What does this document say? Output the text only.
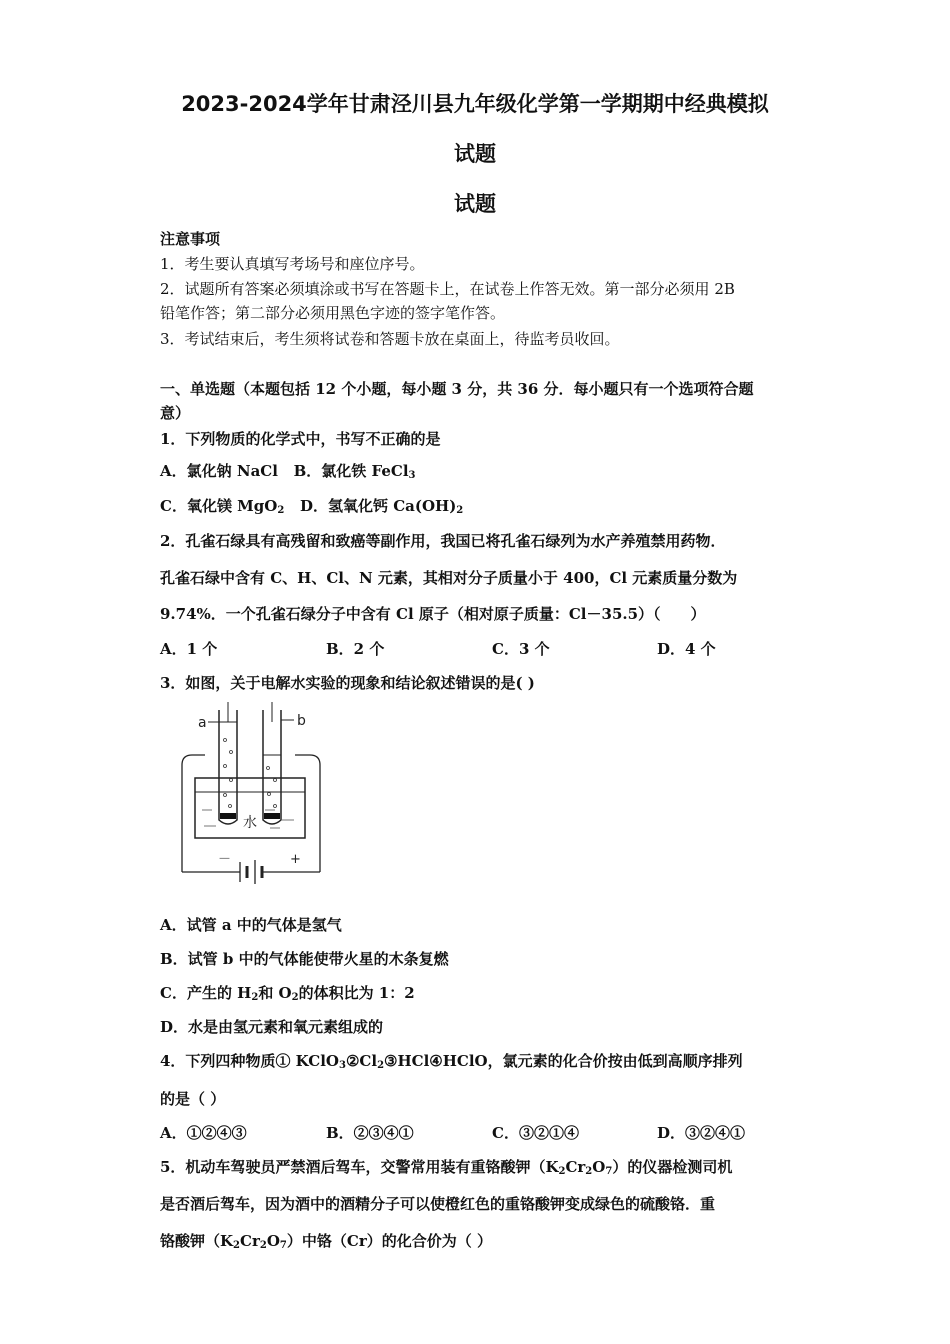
2023-2024学年甘肃泾川县九年级化学第一学期期中经典模拟
试题
试题
注意事项
1．考生要认真填写考场号和座位序号。
2．试题所有答案必须填涂或书写在答题卡上，在试卷上作答无效。第一部分必须用 2B
铅笔作答；第二部分必须用黑色字迹的签字笔作答。
3．考试结束后，考生须将试卷和答题卡放在桌面上，待监考员收回。
一、单选题（本题包括 12 个小题，每小题 3 分，共 36 分．每小题只有一个选项符合题
意）
1．下列物质的化学式中，书写不正确的是
A．氯化钠 NaCl B．氯化铁 FeCl$_3$
C．氧化镁 MgO$_2$ D．氢氧化钙 $Ca(OH)_2$
2．孔雀石绿具有高残留和致癌等副作用，我国已将孔雀石绿列为水产养殖禁用药物．
孔雀石绿中含有 C、H、Cl、N 元素，其相对分子质量小于 400，Cl 元素质量分数为
9.74%．一个孔雀石绿分子中含有 Cl 原子（相对原子质量：Cl－35.5）（　　）
A．1 个	B．2 个	C．3 个	D．4 个
3．如图，关于电解水实验的现象和结论叙述错误的是( )
水
a	b
－	+
A．试管 a 中的气体是氢气
B．试管 b 中的气体能使带火星的木条复燃
C．产生的 $H_2$和 $O_2$的体积比为 1：2
D．水是由氢元素和氧元素组成的
4．下列四种物质① $KClO_3②Cl_2③HCl④HClO$，氯元素的化合价按由低到高顺序排列
的是（ ）
A．①②④③	B．②③④①	C．③②①④	D．③②④①
5．机动车驾驶员严禁酒后驾车，交警常用装有重铬酸钾$(K_2Cr_2O_7)$的仪器检测司机
是否酒后驾车，因为酒中的酒精分子可以使橙红色的重铬酸钾变成绿色的硫酸铬．重
铬酸钾$(K_2Cr_2O_7)$中铬（Cr）的化合价为（ ）
